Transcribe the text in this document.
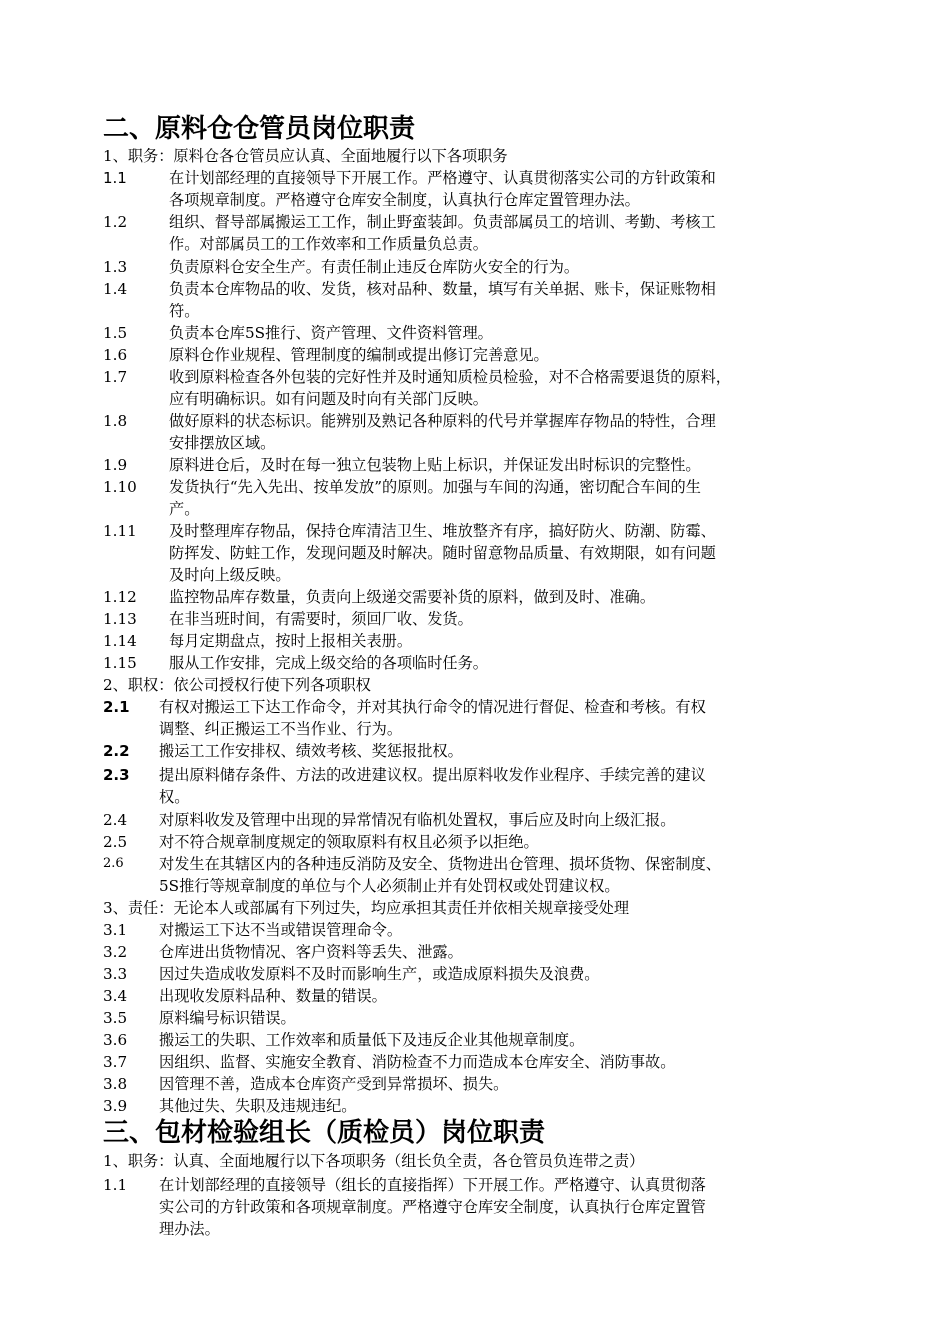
二、原料仓仓管员岗位职责
1、职务：原料仓各仓管员应认真、全面地履行以下各项职务
1.1	在计划部经理的直接领导下开展工作。严格遵守、认真贯彻落实公司的方针政策和
各项规章制度。严格遵守仓库安全制度，认真执行仓库定置管理办法。
1.2	组织、督导部属搬运工工作，制止野蛮装卸。负责部属员工的培训、考勤、考核工
作。对部属员工的工作效率和工作质量负总责。
1.3	负责原料仓安全生产。有责任制止违反仓库防火安全的行为。
1.4	负责本仓库物品的收、发货，核对品种、数量，填写有关单据、账卡，保证账物相
符。
1.5	负责本仓库5S推行、资产管理、文件资料管理。
1.6	原料仓作业规程、管理制度的编制或提出修订完善意见。
1.7	收到原料检查各外包装的完好性并及时通知质检员检验，对不合格需要退货的原料，
应有明确标识。如有问题及时向有关部门反映。
1.8	做好原料的状态标识。能辨别及熟记各种原料的代号并掌握库存物品的特性，合理
安排摆放区域。
1.9	原料进仓后，及时在每一独立包装物上贴上标识，并保证发出时标识的完整性。
1.10 发货执行“先入先出、按单发放”的原则。加强与车间的沟通，密切配合车间的生
产。
1.11 及时整理库存物品，保持仓库清洁卫生、堆放整齐有序，搞好防火、防潮、防霉、
防挥发、防蛀工作，发现问题及时解决。随时留意物品质量、有效期限，如有问题
及时向上级反映。
1.12 监控物品库存数量，负责向上级递交需要补货的原料，做到及时、准确。
1.13 在非当班时间，有需要时，须回厂收、发货。
1.14 每月定期盘点，按时上报相关表册。
1.15 服从工作安排，完成上级交给的各项临时任务。
2、职权：依公司授权行使下列各项职权
2.1 有权对搬运工下达工作命令，并对其执行命令的情况进行督促、检查和考核。有权
调整、纠正搬运工不当作业、行为。
2.2 搬运工工作安排权、绩效考核、奖惩报批权。
2.3 提出原料储存条件、方法的改进建议权。提出原料收发作业程序、手续完善的建议
权。
2.4 对原料收发及管理中出现的异常情况有临机处置权，事后应及时向上级汇报。
2.5 对不符合规章制度规定的领取原料有权且必须予以拒绝。
2.6 对发生在其辖区内的各种违反消防及安全、货物进出仓管理、损坏货物、保密制度、
5S推行等规章制度的单位与个人必须制止并有处罚权或处罚建议权。
3、责任：无论本人或部属有下列过失，均应承担其责任并依相关规章接受处理
3.1 对搬运工下达不当或错误管理命令。
3.2 仓库进出货物情况、客户资料等丢失、泄露。
3.3 因过失造成收发原料不及时而影响生产，或造成原料损失及浪费。
3.4 出现收发原料品种、数量的错误。
3.5 原料编号标识错误。
3.6 搬运工的失职、工作效率和质量低下及违反企业其他规章制度。
3.7 因组织、监督、实施安全教育、消防检查不力而造成本仓库安全、消防事故。
3.8 因管理不善，造成本仓库资产受到异常损坏、损失。
3.9 其他过失、失职及违规违纪。
三、包材检验组长（质检员）岗位职责
1、职务：认真、全面地履行以下各项职务（组长负全责，各仓管员负连带之责）
1.1 在计划部经理的直接领导（组长的直接指挥）下开展工作。严格遵守、认真贯彻落
实公司的方针政策和各项规章制度。严格遵守仓库安全制度，认真执行仓库定置管
理办法。
